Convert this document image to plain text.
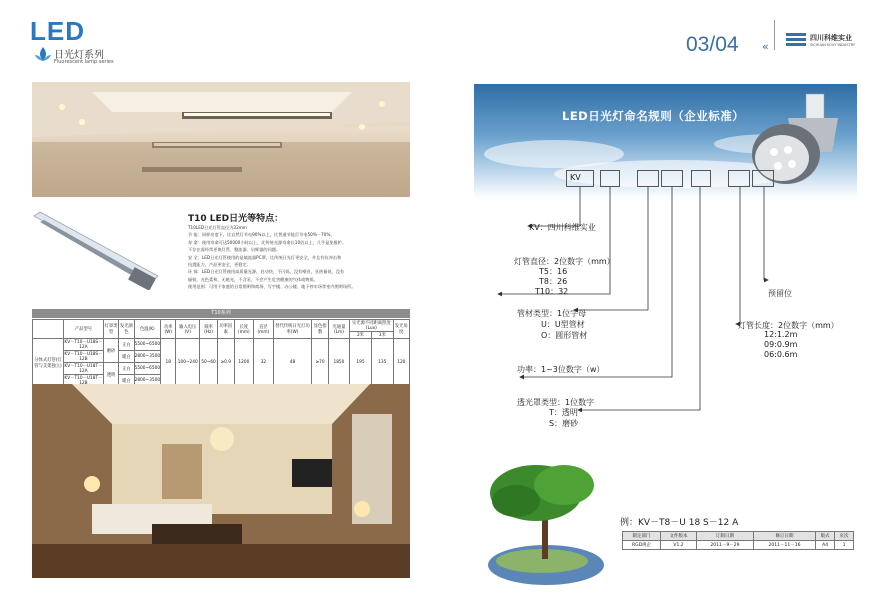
LED
日光灯系列
Fluorescent lamp series
T10 LED日光等特点：
T10LED日光灯管直径为32mm
节 能：同样亮度下，比自然灯节电90%以上，比普通节能灯节电50%－70%。
寿 命：使用寿命可达50000小时以上，比传统光源寿命长10倍以上，几乎是免维护。
不存在需经常更换灯管、整流器、启辉器的问题。
安 全：LED日光灯管使用的是镇流器PC罩，比传统日光灯更安全，并且有抗冲击和
抗震能力，产品更安全，更稳定。
环 保：LED日光灯管使用高质量光源，启动快，不闪烁，没有噪音，亚热量低，没有
辐射，光色柔和，无眩光，不含汞，不会产生危害健康的气体或物质。
使用范围：可用于家庭的日常照明和商场、写字楼、办公楼、地下停车场等室内照明场所。
T10系列
	产品型号	灯罩类型	发光颜色	色温(K)	功率(W)	输入电压(V)	频率(Hz)	功率因素	长度(mm)	直径(mm)	替代传统日光灯功率(W)	显色指数	光通量(Lm)	实光源不同距离照度(Lux)		发光角度
														2米	3米	
分体式灯管(灯管与支架独立)	KV－T10－U18S－12A	磨砂	正白	5500~6500	18	100~240	50~60	≥0.9	1200	32	48	≥70	1850	195	135	120
	KV－T10－U18S－12B		暖白	2800~3500												
	KV－T10－U18T－12A	透明	正白	5500~6500												
	KV－T10－U18T－		暖白	2800~3500												
03/04 «
四川科维实业
SICHUAN KOVY INDUSTRY
LED日光灯命名规则（企业标准）
KV
KV：四川科维实业
灯管直径：2位数字（mm）
T5：16
T8：26
T10：32
管材类型：1位字母
U：U型管材
O：圆形管材
功率：1~3位数字（w）
透光罩类型：1位数字
T：透明
S：磨砂
预留位
灯管长度：2位数字（mm）
12:1.2m
09:0.9m
06:0.6m
例：KV－T8－U 18 S－12 A
制定部门	文件版本	订制日期	修订日期	版式	页次
RGD规企	V1.2	2011－9－29	2011－11－16	A4	1
